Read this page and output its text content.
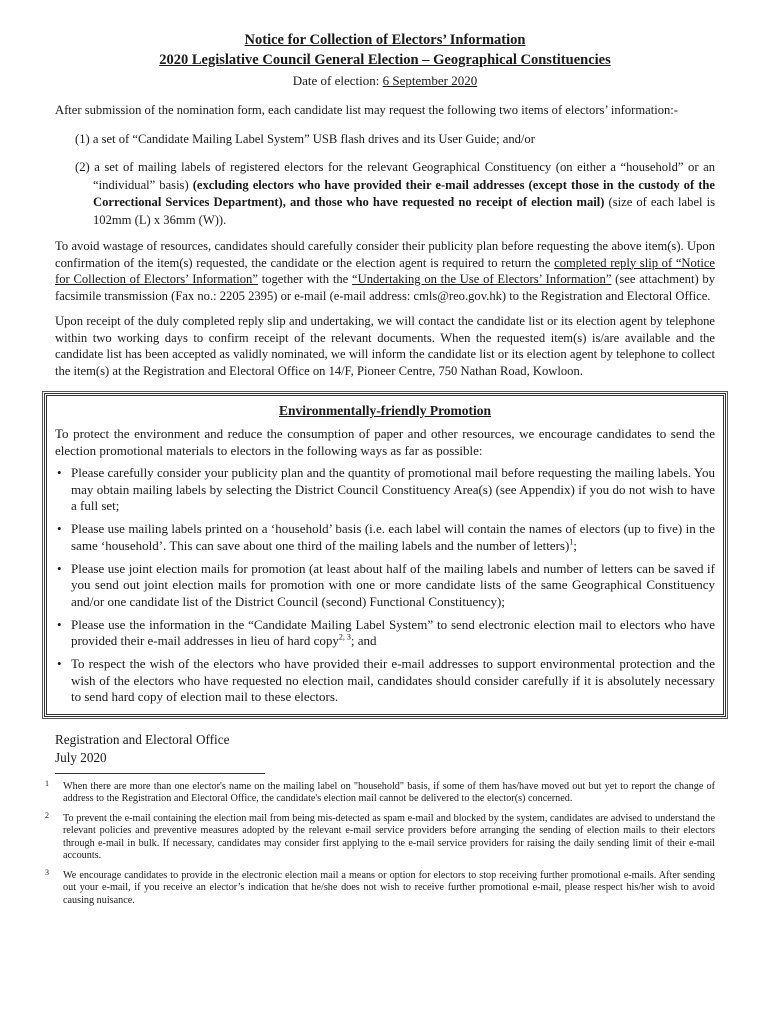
Notice for Collection of Electors’ Information
2020 Legislative Council General Election – Geographical Constituencies
Date of election: 6 September 2020

After submission of the nomination form, each candidate list may request the following two items of electors’ information:-

(1) a set of “Candidate Mailing Label System” USB flash drives and its User Guide; and/or

(2) a set of mailing labels of registered electors for the relevant Geographical Constituency (on either a “household” or an “individual” basis) (excluding electors who have provided their e-mail addresses (except those in the custody of the Correctional Services Department), and those who have requested no receipt of election mail) (size of each label is 102mm (L) x 36mm (W)).

To avoid wastage of resources, candidates should carefully consider their publicity plan before requesting the above item(s). Upon confirmation of the item(s) requested, the candidate or the election agent is required to return the completed reply slip of “Notice for Collection of Electors’ Information” together with the “Undertaking on the Use of Electors’ Information” (see attachment) by facsimile transmission (Fax no.: 2205 2395) or e-mail (e-mail address: cmls@reo.gov.hk) to the Registration and Electoral Office.

Upon receipt of the duly completed reply slip and undertaking, we will contact the candidate list or its election agent by telephone within two working days to confirm receipt of the relevant documents. When the requested item(s) is/are available and the candidate list has been accepted as validly nominated, we will inform the candidate list or its election agent by telephone to collect the item(s) at the Registration and Electoral Office on 14/F, Pioneer Centre, 750 Nathan Road, Kowloon.

Environmentally-friendly Promotion

To protect the environment and reduce the consumption of paper and other resources, we encourage candidates to send the election promotional materials to electors in the following ways as far as possible:

• Please carefully consider your publicity plan and the quantity of promotional mail before requesting the mailing labels. You may obtain mailing labels by selecting the District Council Constituency Area(s) (see Appendix) if you do not wish to have a full set;
• Please use mailing labels printed on a ‘household’ basis (i.e. each label will contain the names of electors (up to five) in the same ‘household’. This can save about one third of the mailing labels and the number of letters)$^1$;
• Please use joint election mails for promotion (at least about half of the mailing labels and number of letters can be saved if you send out joint election mails for promotion with one or more candidate lists of the same Geographical Constituency and/or one candidate list of the District Council (second) Functional Constituency);
• Please use the information in the “Candidate Mailing Label System” to send electronic election mail to electors who have provided their e-mail addresses in lieu of hard copy$^{2, 3}$; and
• To respect the wish of the electors who have provided their e-mail addresses to support environmental protection and the wish of the electors who have requested no election mail, candidates should consider carefully if it is absolutely necessary to send hard copy of election mail to these electors.
Registration and Electoral Office
July 2020
1 When there are more than one elector's name on the mailing label on "household" basis, if some of them has/have moved out but yet to report the change of address to the Registration and Electoral Office, the candidate's election mail cannot be delivered to the elector(s) concerned.
2 To prevent the e-mail containing the election mail from being mis-detected as spam e-mail and blocked by the system, candidates are advised to understand the relevant policies and preventive measures adopted by the relevant e-mail service providers before arranging the sending of election mails to their electors through e-mail in bulk. If necessary, candidates may consider first applying to the e-mail service providers for raising the daily sending limit of their e-mail accounts.
3 We encourage candidates to provide in the electronic election mail a means or option for electors to stop receiving further promotional e-mails. After sending out your e-mail, if you receive an elector’s indication that he/she does not wish to receive further promotional e-mail, please respect his/her wish to avoid causing nuisance.
